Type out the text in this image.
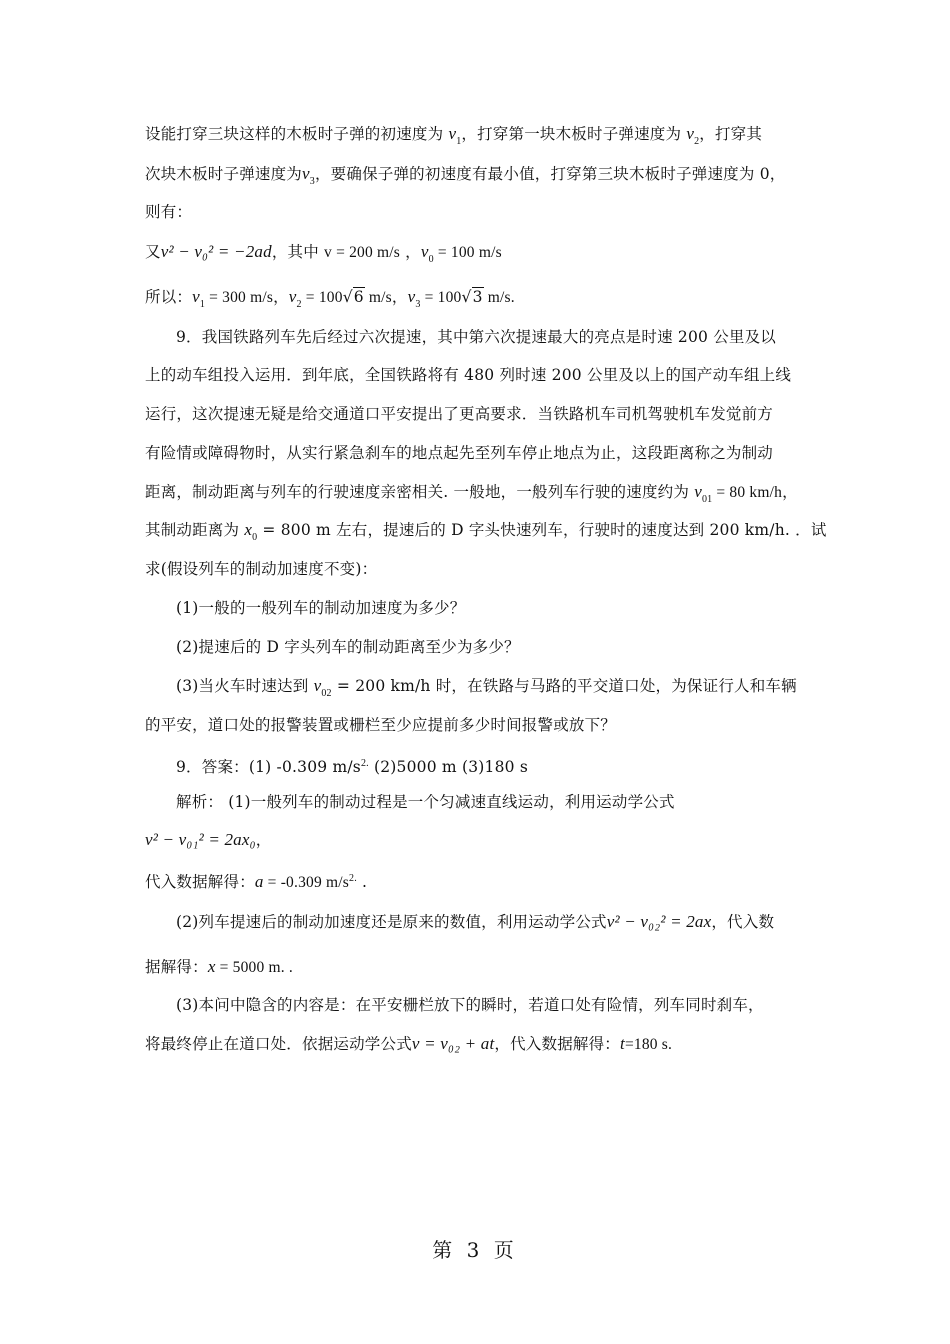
设能打穿三块这样的木板时子弹的初速度为 $v_1$，打穿第一块木板时子弹速度为 $v_2$，打穿其

次块木板时子弹速度为$v_3$，要确保子弹的初速度有最小值，打穿第三块木板时子弹速度为 0，

则有：

又v² − v₀² = −2ad，其中 v = 200 m/s ，$v_0 = 100$ m/s

所以：$v_1 = 300$ m/s，$v_2 = 100√6$ m/s，$v_3 = 100√3$ m/s.

9．我国铁路列车先后经过六次提速，其中第六次提速最大的亮点是时速 200 公里及以

上的动车组投入运用．到年底，全国铁路将有 480 列时速 200 公里及以上的国产动车组上线

运行，这次提速无疑是给交通道口平安提出了更高要求．当铁路机车司机驾驶机车发觉前方

有险情或障碍物时，从实行紧急刹车的地点起先至列车停止地点为止，这段距离称之为制动

距离，制动距离与列车的行驶速度亲密相关. 一般地，一般列车行驶的速度约为 $v_{01} = 80$ km/h，

其制动距离为 $x_0 = 800$ m 左右，提速后的 D 字头快速列车，行驶时的速度达到 200 km/h. ．试

求(假设列车的制动加速度不变)：

(1)一般的一般列车的制动加速度为多少？

(2)提速后的 D 字头列车的制动距离至少为多少？

(3)当火车时速达到 $v_{02} = 200$ km/h 时，在铁路与马路的平交道口处，为保证行人和车辆

的平安，道口处的报警装置或栅栏至少应提前多少时间报警或放下？

9．答案：(1) -0.309 $m/s^{2.}$ (2)5000 m (3)180 s

解析： (1)一般列车的制动过程是一个匀减速直线运动，利用运动学公式

v² − v₀₁² = 2ax₀，

代入数据解得：a = -0.309 $m/s^{2.}$ .

(2)列车提速后的制动加速度还是原来的数值，利用运动学公式v² − v₀₂² = 2ax，代入数

据解得：x = 5000 m. .

(3)本问中隐含的内容是：在平安栅栏放下的瞬时，若道口处有险情，列车同时刹车，

将最终停止在道口处．依据运动学公式v = v₀₂ + at，代入数据解得：t=180 s.

第 3 页
